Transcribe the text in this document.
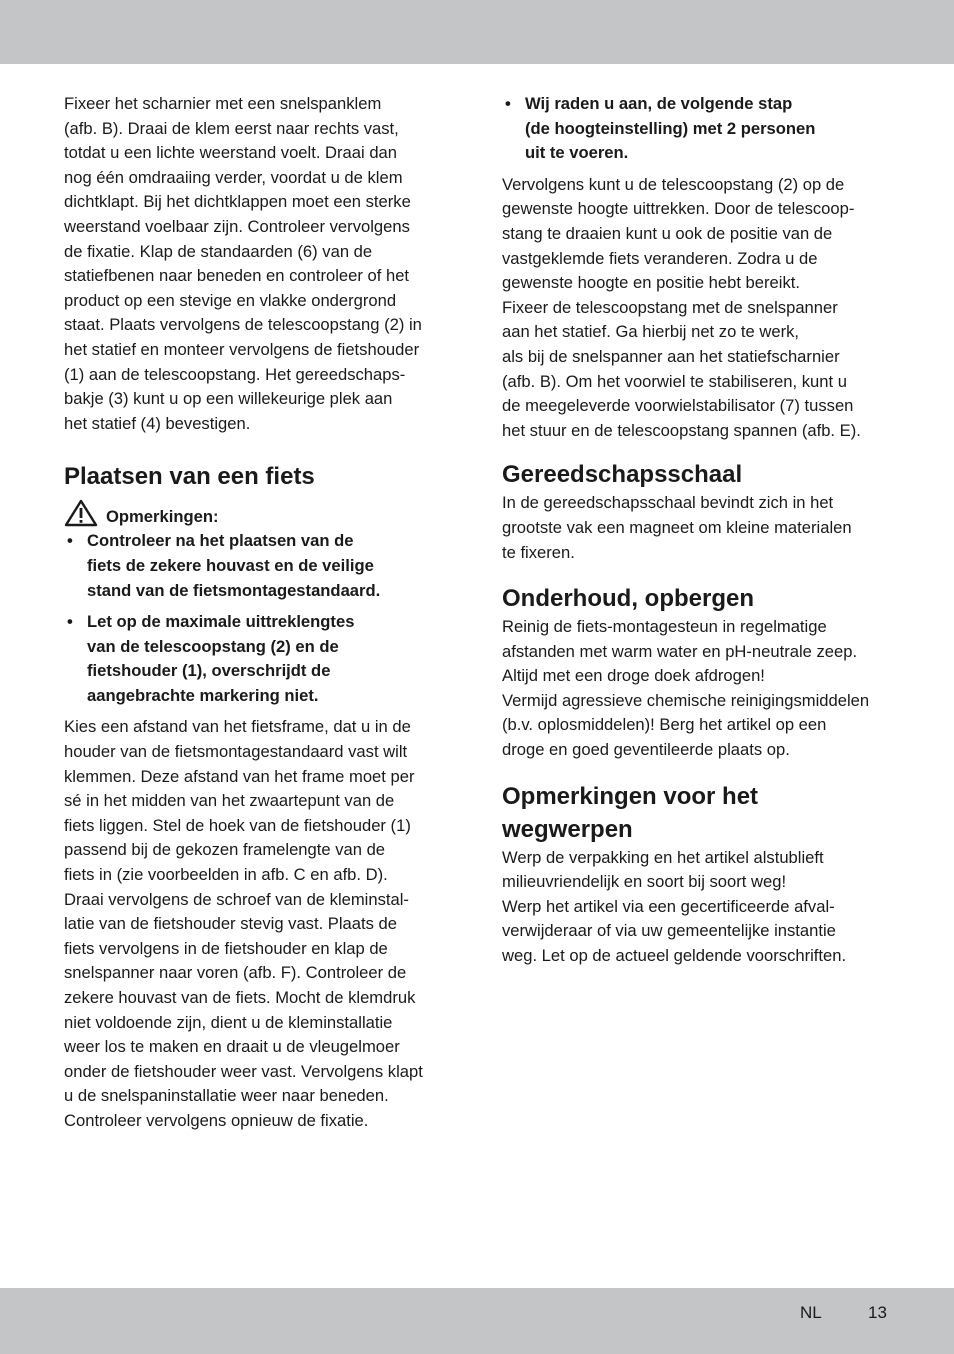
Fixeer het scharnier met een snelspanklem
(afb. B). Draai de klem eerst naar rechts vast,
totdat u een lichte weerstand voelt. Draai dan
nog één omdraaiing verder, voordat u de klem
dichtklapt. Bij het dichtklappen moet een sterke
weerstand voelbaar zijn. Controleer vervolgens
de fixatie. Klap de standaarden (6) van de
statiefbenen naar beneden en controleer of het
product op een stevige en vlakke ondergrond
staat. Plaats vervolgens de telescoopstang (2) in
het statief en monteer vervolgens de fietshouder
(1) aan de telescoopstang. Het gereedschaps-
bakje (3) kunt u op een willekeurige plek aan
het statief (4) bevestigen.

Plaatsen van een fiets
Opmerkingen:
• Controleer na het plaatsen van de
fiets de zekere houvast en de veilige
stand van de fietsmontagestandaard.
• Let op de maximale uittreklengtes
van de telescoopstang (2) en de
fietshouder (1), overschrijdt de
aangebrachte markering niet.

Kies een afstand van het fietsframe, dat u in de
houder van de fietsmontagestandaard vast wilt
klemmen. Deze afstand van het frame moet per
sé in het midden van het zwaartepunt van de
fiets liggen. Stel de hoek van de fietshouder (1)
passend bij de gekozen framelengte van de
fiets in (zie voorbeelden in afb. C en afb. D).
Draai vervolgens de schroef van de kleminstal-
latie van de fietshouder stevig vast. Plaats de
fiets vervolgens in de fietshouder en klap de
snelspanner naar voren (afb. F). Controleer de
zekere houvast van de fiets. Mocht de klemdruk
niet voldoende zijn, dient u de kleminstallatie
weer los te maken en draait u de vleugelmoer
onder de fietshouder weer vast. Vervolgens klapt
u de snelspaninstallatie weer naar beneden.
Controleer vervolgens opnieuw de fixatie.

• Wij raden u aan, de volgende stap
(de hoogteinstelling) met 2 personen
uit te voeren.

Vervolgens kunt u de telescoopstang (2) op de
gewenste hoogte uittrekken. Door de telescoop-
stang te draaien kunt u ook de positie van de
vastgeklemde fiets veranderen. Zodra u de
gewenste hoogte en positie hebt bereikt.
Fixeer de telescoopstang met de snelspanner
aan het statief. Ga hierbij net zo te werk,
als bij de snelspanner aan het statiefscharnier
(afb. B). Om het voorwiel te stabiliseren, kunt u
de meegeleverde voorwielstabilisator (7) tussen
het stuur en de telescoopstang spannen (afb. E).

Gereedschapsschaal

In de gereedschapsschaal bevindt zich in het
grootste vak een magneet om kleine materialen
te fixeren.

Onderhoud, opbergen

Reinig de fiets-montagesteun in regelmatige
afstanden met warm water en pH-neutrale zeep.
Altijd met een droge doek afdrogen!
Vermijd agressieve chemische reinigingsmiddelen
(b.v. oplosmiddelen)! Berg het artikel op een
droge en goed geventileerde plaats op.

Opmerkingen voor het
wegwerpen

Werp de verpakking en het artikel alstublieft
milieuvriendelijk en soort bij soort weg!
Werp het artikel via een gecertificeerde afval-
verwijderaar of via uw gemeentelijke instantie
weg. Let op de actueel geldende voorschriften.

NL	13
